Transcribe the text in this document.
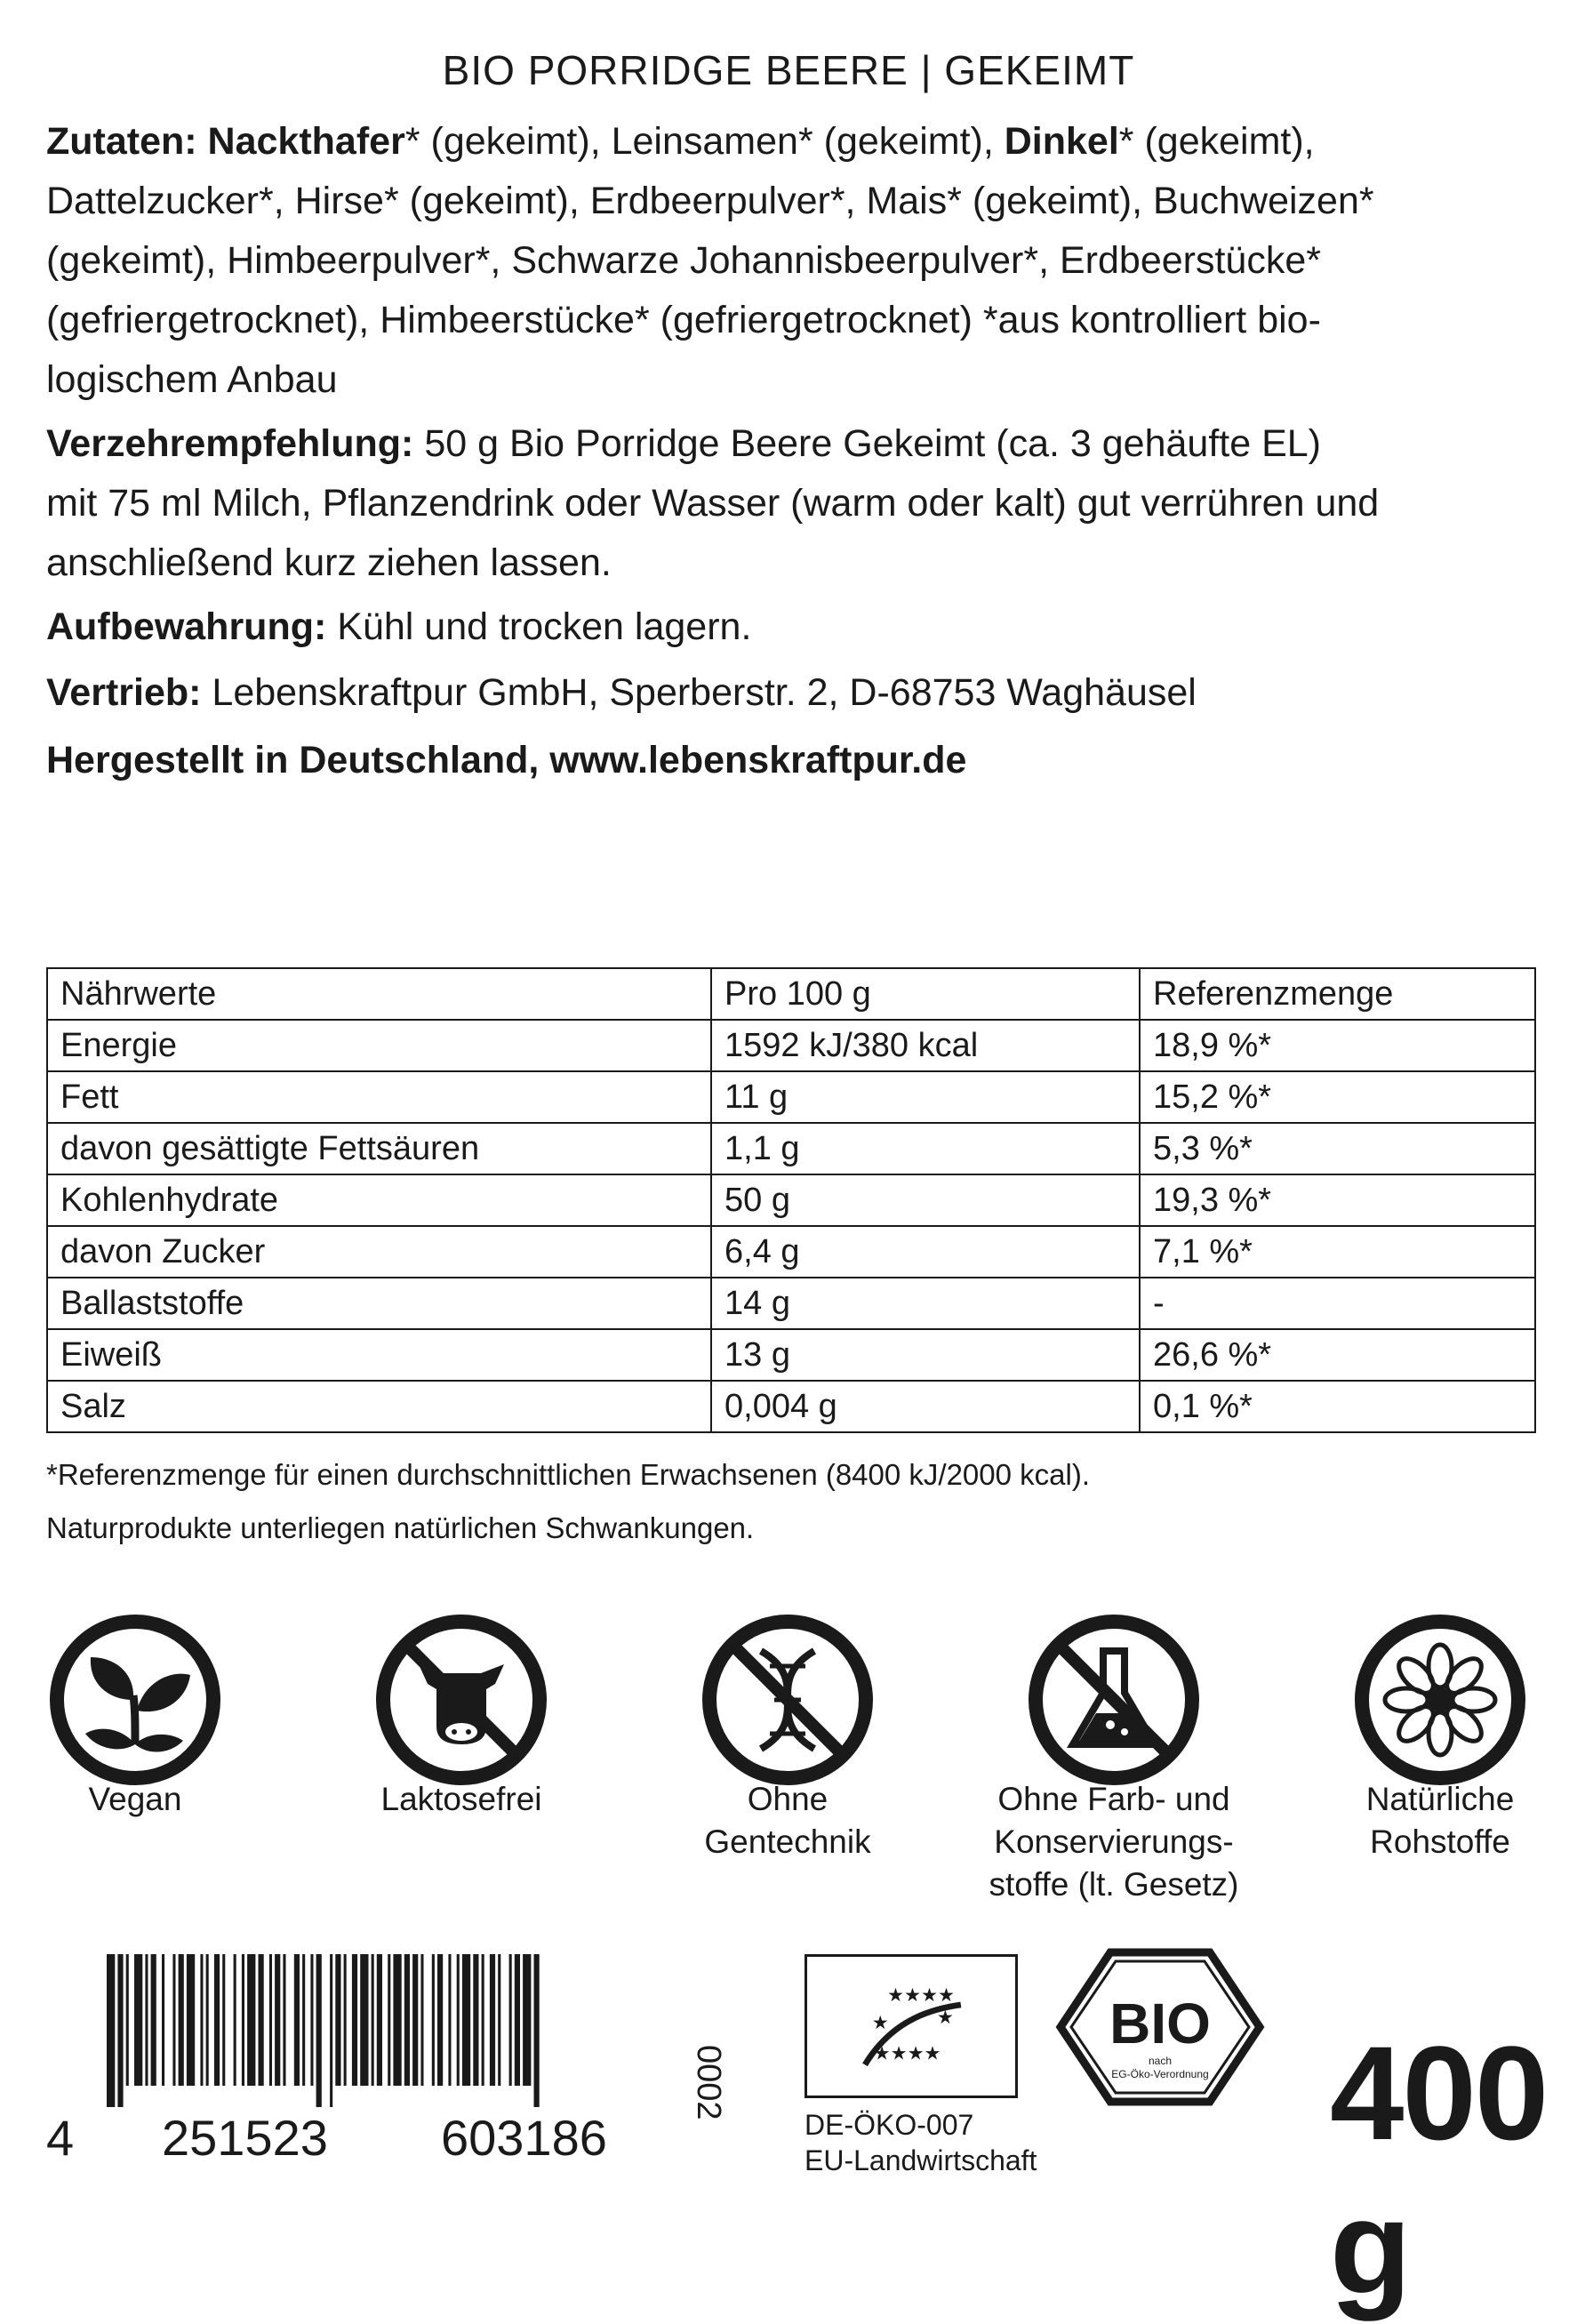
BIO PORRIDGE BEERE | GEKEIMT
Zutaten: Nackthafer* (gekeimt), Leinsamen* (gekeimt), Dinkel* (gekeimt),
Dattelzucker*, Hirse* (gekeimt), Erdbeerpulver*, Mais* (gekeimt), Buchweizen*
(gekeimt), Himbeerpulver*, Schwarze Johannisbeerpulver*, Erdbeerstücke*
(gefriergetrocknet), Himbeerstücke* (gefriergetrocknet) *aus kontrolliert bio-
logischem Anbau
Verzehrempfehlung: 50 g Bio Porridge Beere Gekeimt (ca. 3 gehäufte EL)
mit 75 ml Milch, Pflanzendrink oder Wasser (warm oder kalt) gut verrühren und
anschließend kurz ziehen lassen.
Aufbewahrung: Kühl und trocken lagern.
Vertrieb: Lebenskraftpur GmbH, Sperberstr. 2, D-68753 Waghäusel
Hergestellt in Deutschland, www.lebenskraftpur.de
Nährwerte	Pro 100 g	Referenzmenge
Energie	1592 kJ/380 kcal	18,9 %*
Fett	11 g	15,2 %*
davon gesättigte Fettsäuren	1,1 g	5,3 %*
Kohlenhydrate	50 g	19,3 %*
davon Zucker	6,4 g	7,1 %*
Ballaststoffe	14 g	-
Eiweiß	13 g	26,6 %*
Salz	0,004 g	0,1 %*
*Referenzmenge für einen durchschnittlichen Erwachsenen (8400 kJ/2000 kcal).
Naturprodukte unterliegen natürlichen Schwankungen.
Vegan	Laktosefrei	Ohne
Gentechnik
Ohne Farb- und
Konservierungs-
stoffe (lt. Gesetz)
Natürliche
Rohstoffe
4 251523 603186
0002
★★★★
★ ★
★★★★
DE-ÖKO-007
EU-Landwirtschaft
BIO
nach
EG-Öko-Verordnung 400 g
